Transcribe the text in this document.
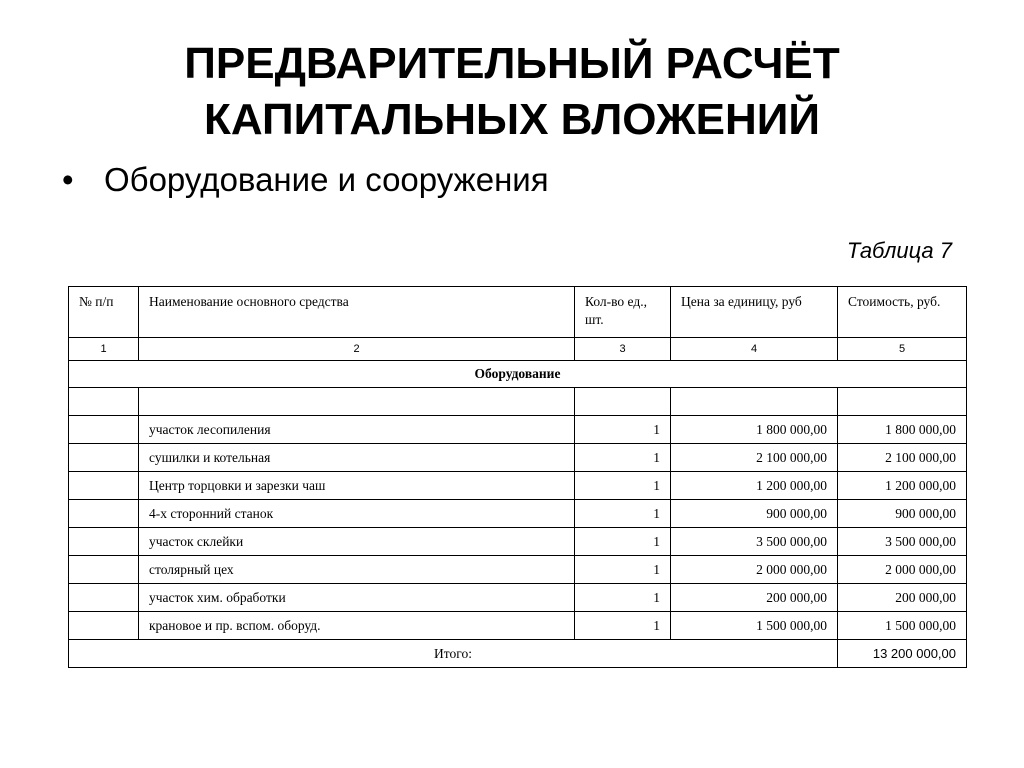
ПРЕДВАРИТЕЛЬНЫЙ РАСЧЁТ
КАПИТАЛЬНЫХ ВЛОЖЕНИЙ
• Оборудование и сооружения
Таблица 7
№ п/п	Наименование основного средства	Кол-во ед., шт.	Цена за единицу, руб	Стоимость, руб.
1	2	3	4	5
Оборудование				

	участок лесопиления	1	1 800 000,00	1 800 000,00
	сушилки и котельная	1	2 100 000,00	2 100 000,00
	Центр торцовки и зарезки чаш	1	1 200 000,00	1 200 000,00
	4-х сторонний станок	1	900 000,00	900 000,00
	участок склейки	1	3 500 000,00	3 500 000,00
	столярный цех	1	2 000 000,00	2 000 000,00
	участок хим. обработки	1	200 000,00	200 000,00
	крановое и пр. вспом. оборуд.	1	1 500 000,00	1 500 000,00
Итого:				13 200 000,00
